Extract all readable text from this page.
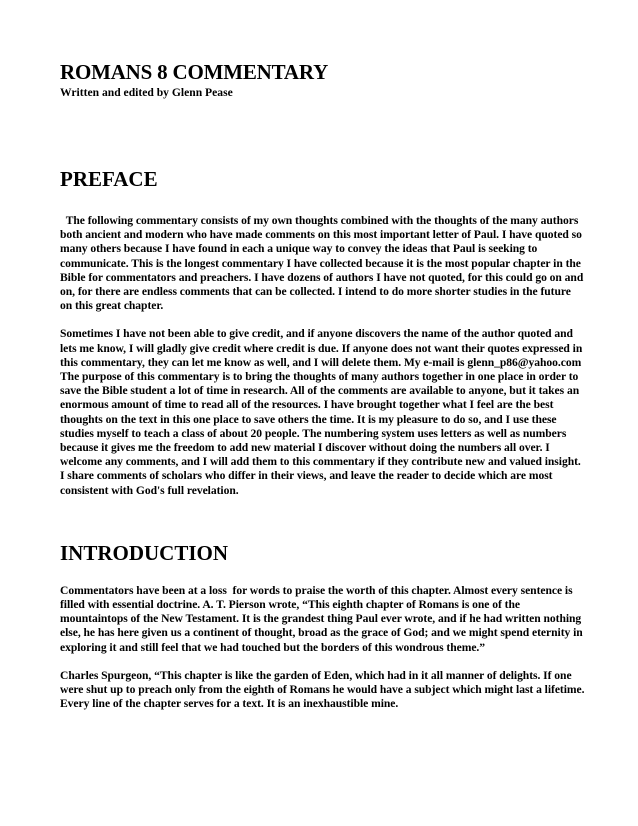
ROMANS 8 COMMENTARY
Written and edited by Glenn Pease
PREFACE

The following commentary consists of my own thoughts combined with the thoughts of the many authors both ancient and modern who have made comments on this most important letter of Paul. I have quoted so many others because I have found in each a unique way to convey the ideas that Paul is seeking to communicate. This is the longest commentary I have collected because it is the most popular chapter in the Bible for commentators and preachers. I have dozens of authors I have not quoted, for this could go on and on, for there are endless comments that can be collected. I intend to do more shorter studies in the future on this great chapter.

Sometimes I have not been able to give credit, and if anyone discovers the name of the author quoted and lets me know, I will gladly give credit where credit is due. If anyone does not want their quotes expressed in this commentary, they can let me know as well, and I will delete them. My e-mail is glenn_p86@yahoo.com  The purpose of this commentary is to bring the thoughts of many authors together in one place in order to save the Bible student a lot of time in research. All of the comments are available to anyone, but it takes an enormous amount of time to read all of the resources. I have brought together what I feel are the best thoughts on the text in this one place to save others the time. It is my pleasure to do so, and I use these studies myself to teach a class of about 20 people. The numbering system uses letters as well as numbers because it gives me the freedom to add new material I discover without doing the numbers all over. I welcome any comments, and I will add them to this commentary if they contribute new and valued insight. I share comments of scholars who differ in their views, and leave the reader to decide which are most consistent with God's full revelation.

INTRODUCTION

Commentators have been at a loss  for words to praise the worth of this chapter. Almost every sentence is filled with essential doctrine. A. T. Pierson wrote, “This eighth chapter of Romans is one of the mountaintops of the New Testament. It is the grandest thing Paul ever wrote, and if he had written nothing else, he has here given us a continent of thought, broad as the grace of God; and we might spend eternity in exploring it and still feel that we had touched but the borders of this wondrous theme.”

Charles Spurgeon, “This chapter is like the garden of Eden, which had in it all manner of delights. If one were shut up to preach only from the eighth of Romans he would have a subject which might last a lifetime. Every line of the chapter serves for a text. It is an inexhaustible mine.
